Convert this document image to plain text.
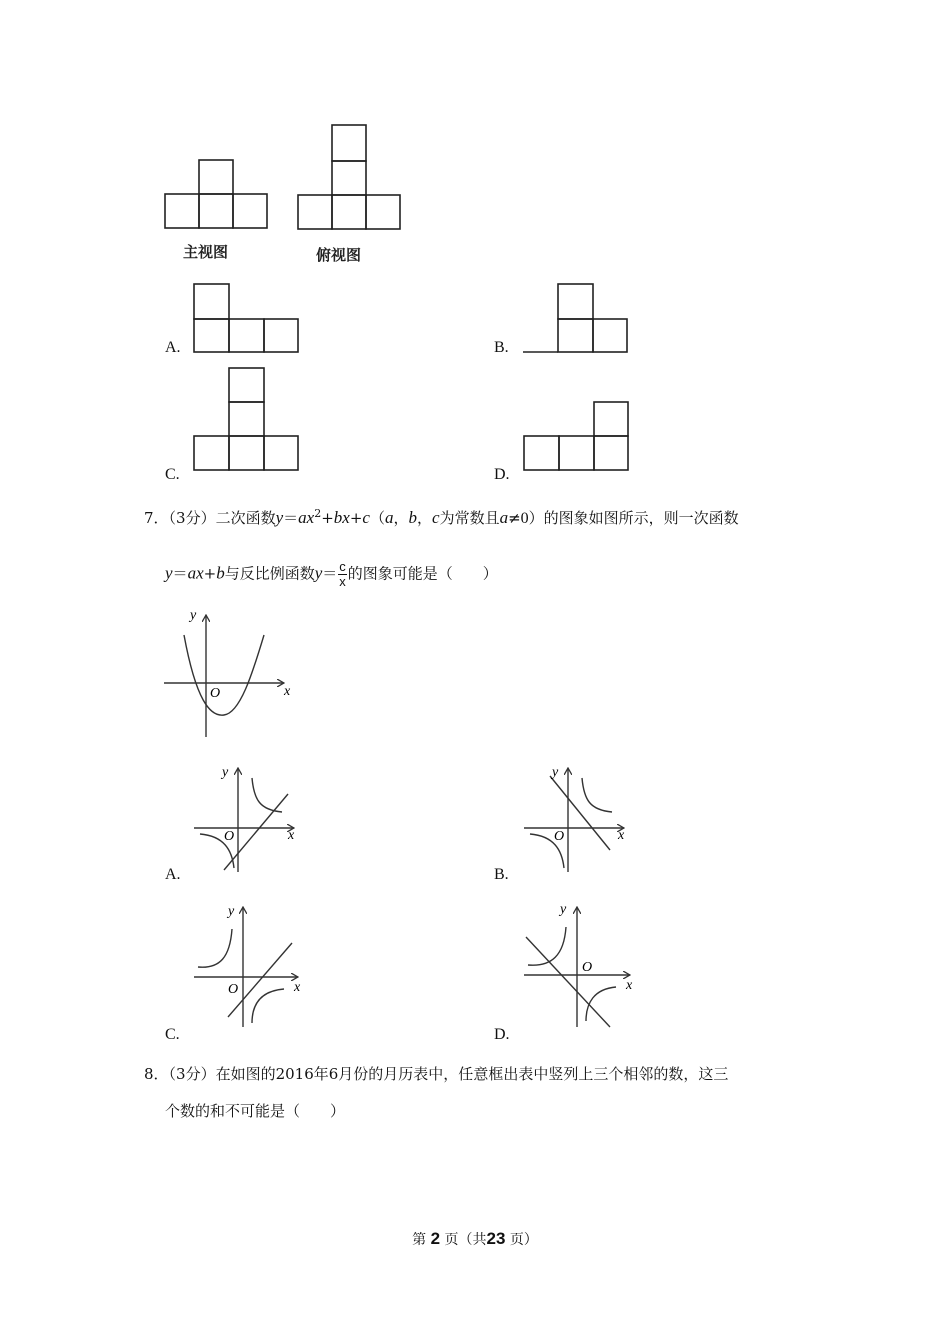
主视图	俯视图
A.	B.
C.	D.
7．（3分）二次函数$y=ax^2+bx+c(a$，b，c为常数且a≠0）的图象如图所示，则一次函数
y＝ax+b与反比例函数$y= \frac{c}{x}$ 的图象可能是（　　）
y
O	x
A.
y
O	x
B.
y
O	x
C.
y
O	x
D.
y
O
x
8．（3分）在如图的2016年6月份的月历表中，任意框出表中竖列上三个相邻的数，这三
个数的和不可能是（　　）
第 2 页（共23 页）
